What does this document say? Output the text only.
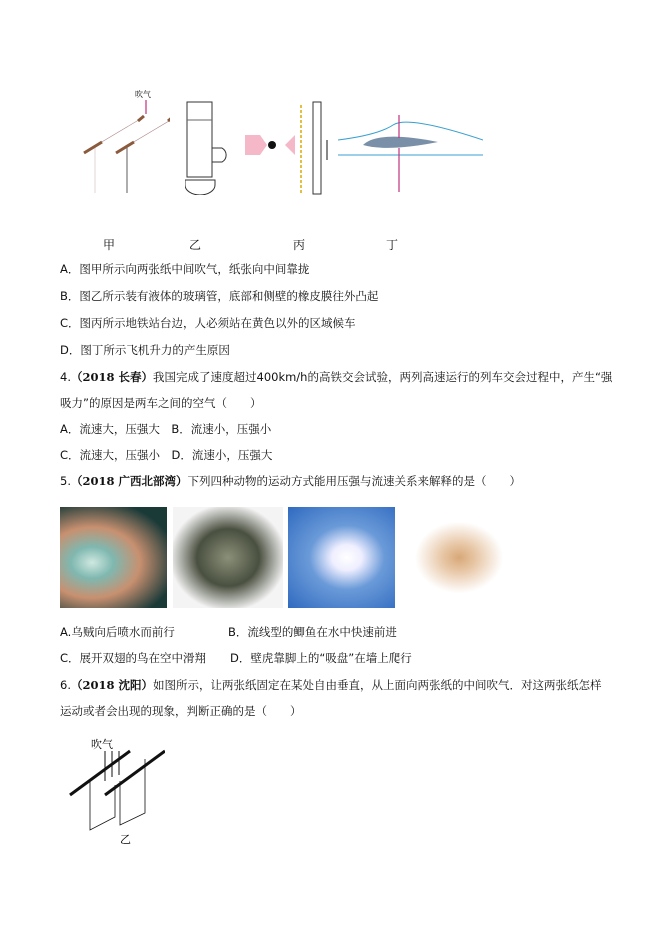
吹气
甲	乙	丙	丁
A．图甲所示向两张纸中间吹气，纸张向中间靠拢
B．图乙所示装有液体的玻璃管，底部和侧壁的橡皮膜往外凸起
C．图丙所示地铁站台边，人必须站在黄色以外的区域候车
D．图丁所示飞机升力的产生原因
4.（2018 长春）我国完成了速度超过400km/h的高铁交会试验，两列高速运行的列车交会过程中，产生“强
吸力”的原因是两车之间的空气（　　）
A．流速大，压强大　B．流速小，压强小
C．流速大，压强小　D．流速小，压强大
5.（2018 广西北部湾）下列四种动物的运动方式能用压强与流速关系来解释的是（　　）
A.乌贼向后喷水而前行	B．流线型的鲫鱼在水中快速前进
C．展开双翅的鸟在空中滑翔 D．壁虎靠脚上的“吸盘”在墙上爬行
6.（2018 沈阳）如图所示，让两张纸固定在某处自由垂直，从上面向两张纸的中间吹气．对这两张纸怎样
运动或者会出现的现象，判断正确的是（　　）
吹气
乙
